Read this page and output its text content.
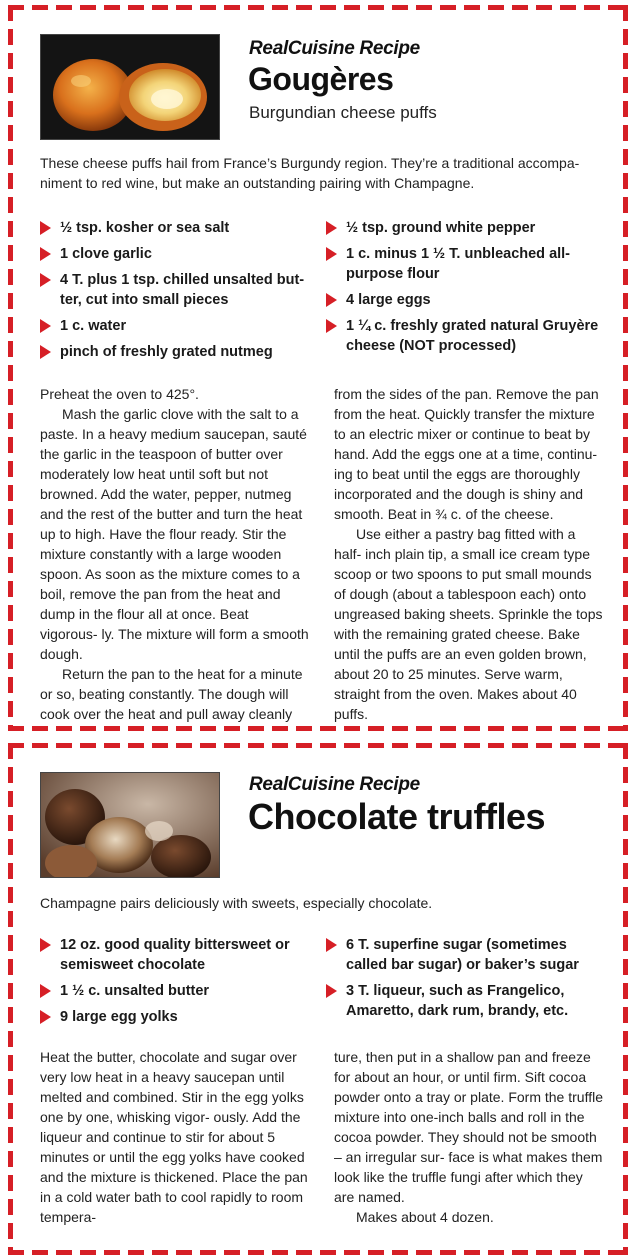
RealCuisine Recipe
Gougères
Burgundian cheese puffs

These cheese puffs hail from France’s Burgundy region. They’re a traditional accompa- niment to red wine, but make an outstanding pairing with Champagne.

½ tsp. kosher or sea salt
1 clove garlic
4 T. plus 1 tsp. chilled unsalted but- ter, cut into small pieces
1 c. water
pinch of freshly grated nutmeg
½ tsp. ground white pepper
1 c. minus 1 ½ T. unbleached all- purpose flour
4 large eggs
1 ¼ c. freshly grated natural Gruyère cheese (NOT processed)

Preheat the oven to 425°.

Mash the garlic clove with the salt to a paste. In a heavy medium saucepan, sauté the garlic in the teaspoon of butter over moderately low heat until soft but not browned. Add the water, pepper, nutmeg and the rest of the butter and turn the heat up to high. Have the flour ready. Stir the mixture constantly with a large wooden spoon. As soon as the mixture comes to a boil, remove the pan from the heat and dump in the flour all at once. Beat vigorous- ly. The mixture will form a smooth dough.

Return the pan to the heat for a minute or so, beating constantly. The dough will cook over the heat and pull away cleanly

from the sides of the pan. Remove the pan from the heat. Quickly transfer the mixture to an electric mixer or continue to beat by hand. Add the eggs one at a time, continu- ing to beat until the eggs are thoroughly incorporated and the dough is shiny and smooth. Beat in ¾ c. of the cheese.

Use either a pastry bag fitted with a half- inch plain tip, a small ice cream type scoop or two spoons to put small mounds of dough (about a tablespoon each) onto ungreased baking sheets. Sprinkle the tops with the remaining grated cheese. Bake until the puffs are an even golden brown, about 20 to 25 minutes. Serve warm, straight from the oven. Makes about 40 puffs.

RealCuisine Recipe
Chocolate truffles

Champagne pairs deliciously with sweets, especially chocolate.

12 oz. good quality bittersweet or semisweet chocolate
1 ½ c. unsalted butter
9 large egg yolks
6 T. superfine sugar (sometimes called bar sugar) or baker’s sugar
3 T. liqueur, such as Frangelico, Amaretto, dark rum, brandy, etc.

Heat the butter, chocolate and sugar over very low heat in a heavy saucepan until melted and combined. Stir in the egg yolks one by one, whisking vigor- ously. Add the liqueur and continue to stir for about 5 minutes or until the egg yolks have cooked and the mixture is thickened. Place the pan in a cold water bath to cool rapidly to room tempera-

ture, then put in a shallow pan and freeze for about an hour, or until firm. Sift cocoa powder onto a tray or plate. Form the truffle mixture into one-inch balls and roll in the cocoa powder. They should not be smooth – an irregular sur- face is what makes them look like the truffle fungi after which they are named.

Makes about 4 dozen.
